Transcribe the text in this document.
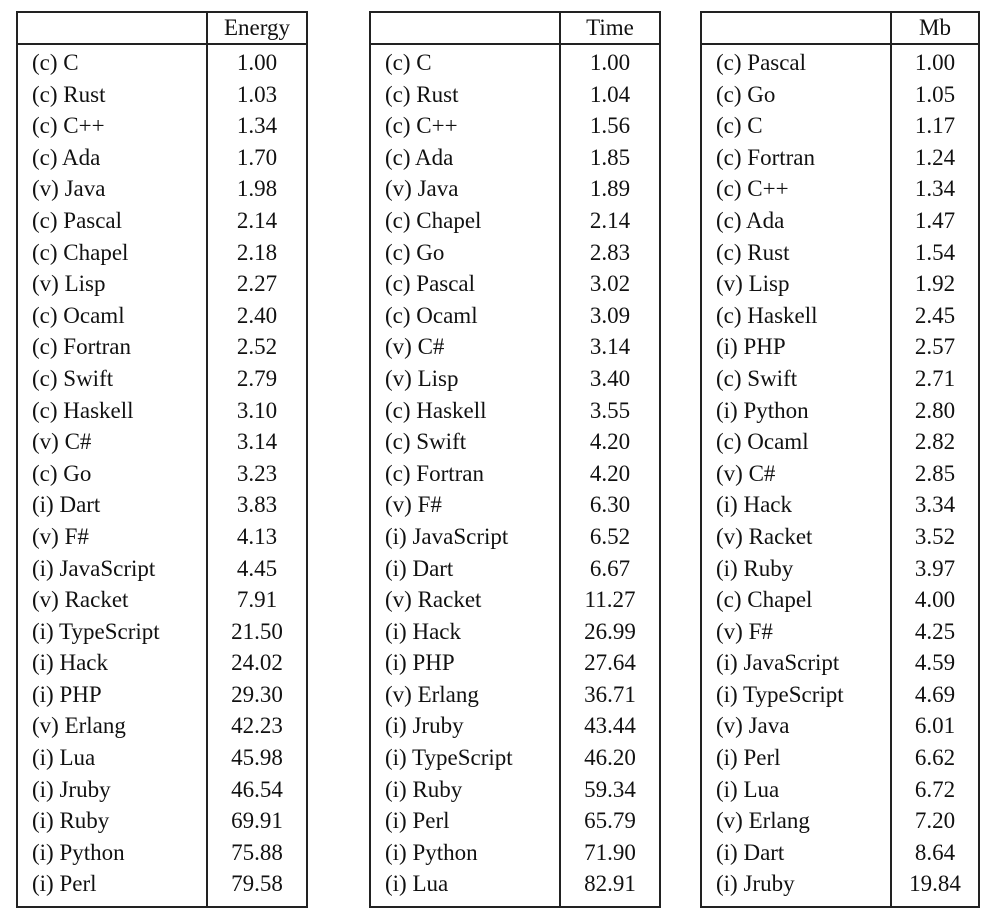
	Energy
(c) C	1.00
(c) Rust	1.03
(c) C++	1.34
(c) Ada	1.70
(v) Java	1.98
(c) Pascal	2.14
(c) Chapel	2.18
(v) Lisp	2.27
(c) Ocaml	2.40
(c) Fortran	2.52
(c) Swift	2.79
(c) Haskell	3.10
(v) C#	3.14
(c) Go	3.23
(i) Dart	3.83
(v) F#	4.13
(i) JavaScript	4.45
(v) Racket	7.91
(i) TypeScript	21.50
(i) Hack	24.02
(i) PHP	29.30
(v) Erlang	42.23
(i) Lua	45.98
(i) Jruby	46.54
(i) Ruby	69.91
(i) Python	75.88
(i) Perl	79.58
	Time
(c) C	1.00
(c) Rust	1.04
(c) C++	1.56
(c) Ada	1.85
(v) Java	1.89
(c) Chapel	2.14
(c) Go	2.83
(c) Pascal	3.02
(c) Ocaml	3.09
(v) C#	3.14
(v) Lisp	3.40
(c) Haskell	3.55
(c) Swift	4.20
(c) Fortran	4.20
(v) F#	6.30
(i) JavaScript	6.52
(i) Dart	6.67
(v) Racket	11.27
(i) Hack	26.99
(i) PHP	27.64
(v) Erlang	36.71
(i) Jruby	43.44
(i) TypeScript	46.20
(i) Ruby	59.34
(i) Perl	65.79
(i) Python	71.90
(i) Lua	82.91
	Mb
(c) Pascal	1.00
(c) Go	1.05
(c) C	1.17
(c) Fortran	1.24
(c) C++	1.34
(c) Ada	1.47
(c) Rust	1.54
(v) Lisp	1.92
(c) Haskell	2.45
(i) PHP	2.57
(c) Swift	2.71
(i) Python	2.80
(c) Ocaml	2.82
(v) C#	2.85
(i) Hack	3.34
(v) Racket	3.52
(i) Ruby	3.97
(c) Chapel	4.00
(v) F#	4.25
(i) JavaScript	4.59
(i) TypeScript	4.69
(v) Java	6.01
(i) Perl	6.62
(i) Lua	6.72
(v) Erlang	7.20
(i) Dart	8.64
(i) Jruby	19.84
